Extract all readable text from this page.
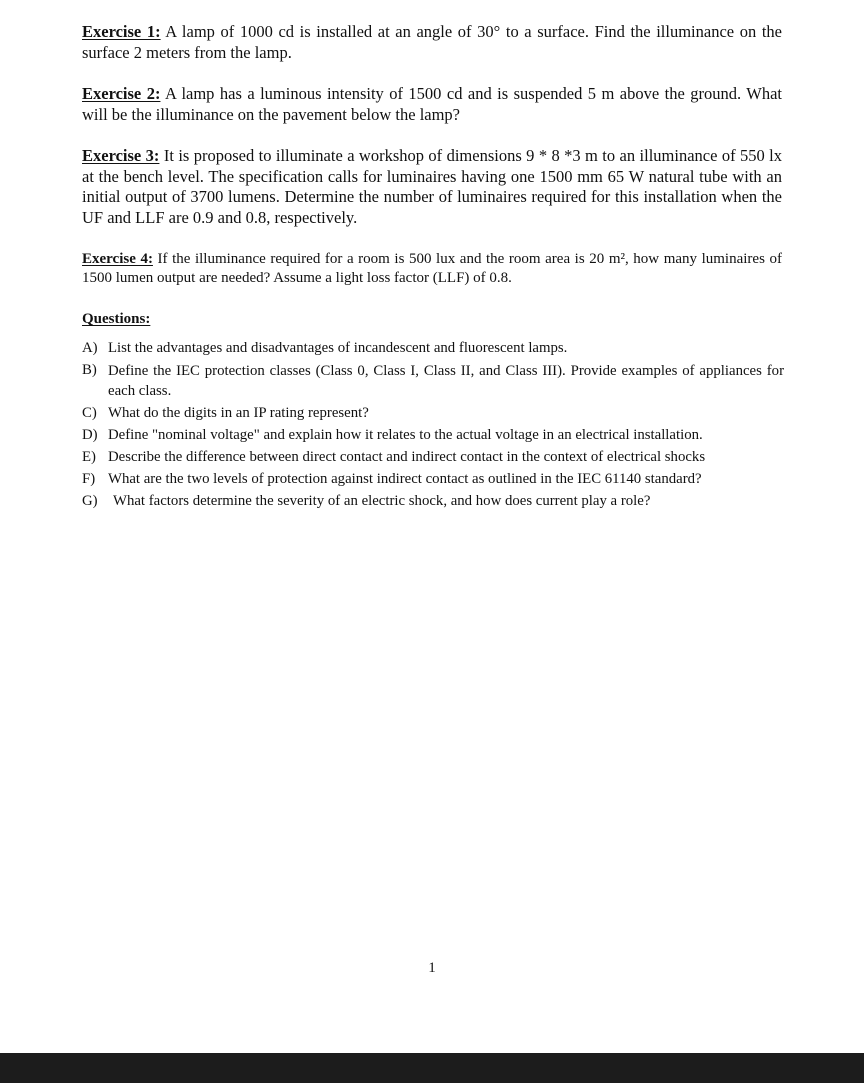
Exercise 1: A lamp of 1000 cd is installed at an angle of 30° to a surface. Find the illuminance on the surface 2 meters from the lamp.

Exercise 2: A lamp has a luminous intensity of 1500 cd and is suspended 5 m above the ground. What will be the illuminance on the pavement below the lamp?

Exercise 3: It is proposed to illuminate a workshop of dimensions 9 * 8 *3 m to an illuminance of 550 lx at the bench level. The specification calls for luminaires having one 1500 mm 65 W natural tube with an initial output of 3700 lumens. Determine the number of luminaires required for this installation when the UF and LLF are 0.9 and 0.8, respectively.

Exercise 4: If the illuminance required for a room is 500 lux and the room area is 20 m², how many luminaires of 1500 lumen output are needed? Assume a light loss factor (LLF) of 0.8.

Questions:
A) List the advantages and disadvantages of incandescent and fluorescent lamps.
B) Define the IEC protection classes (Class 0, Class I, Class II, and Class III). Provide examples of appliances for each class.
C) What do the digits in an IP rating represent?
D) Define "nominal voltage" and explain how it relates to the actual voltage in an electrical installation.
E) Describe the difference between direct contact and indirect contact in the context of electrical shocks
F) What are the two levels of protection against indirect contact as outlined in the IEC 61140 standard?
G)	What factors determine the severity of an electric shock, and how does current play a role?
1
